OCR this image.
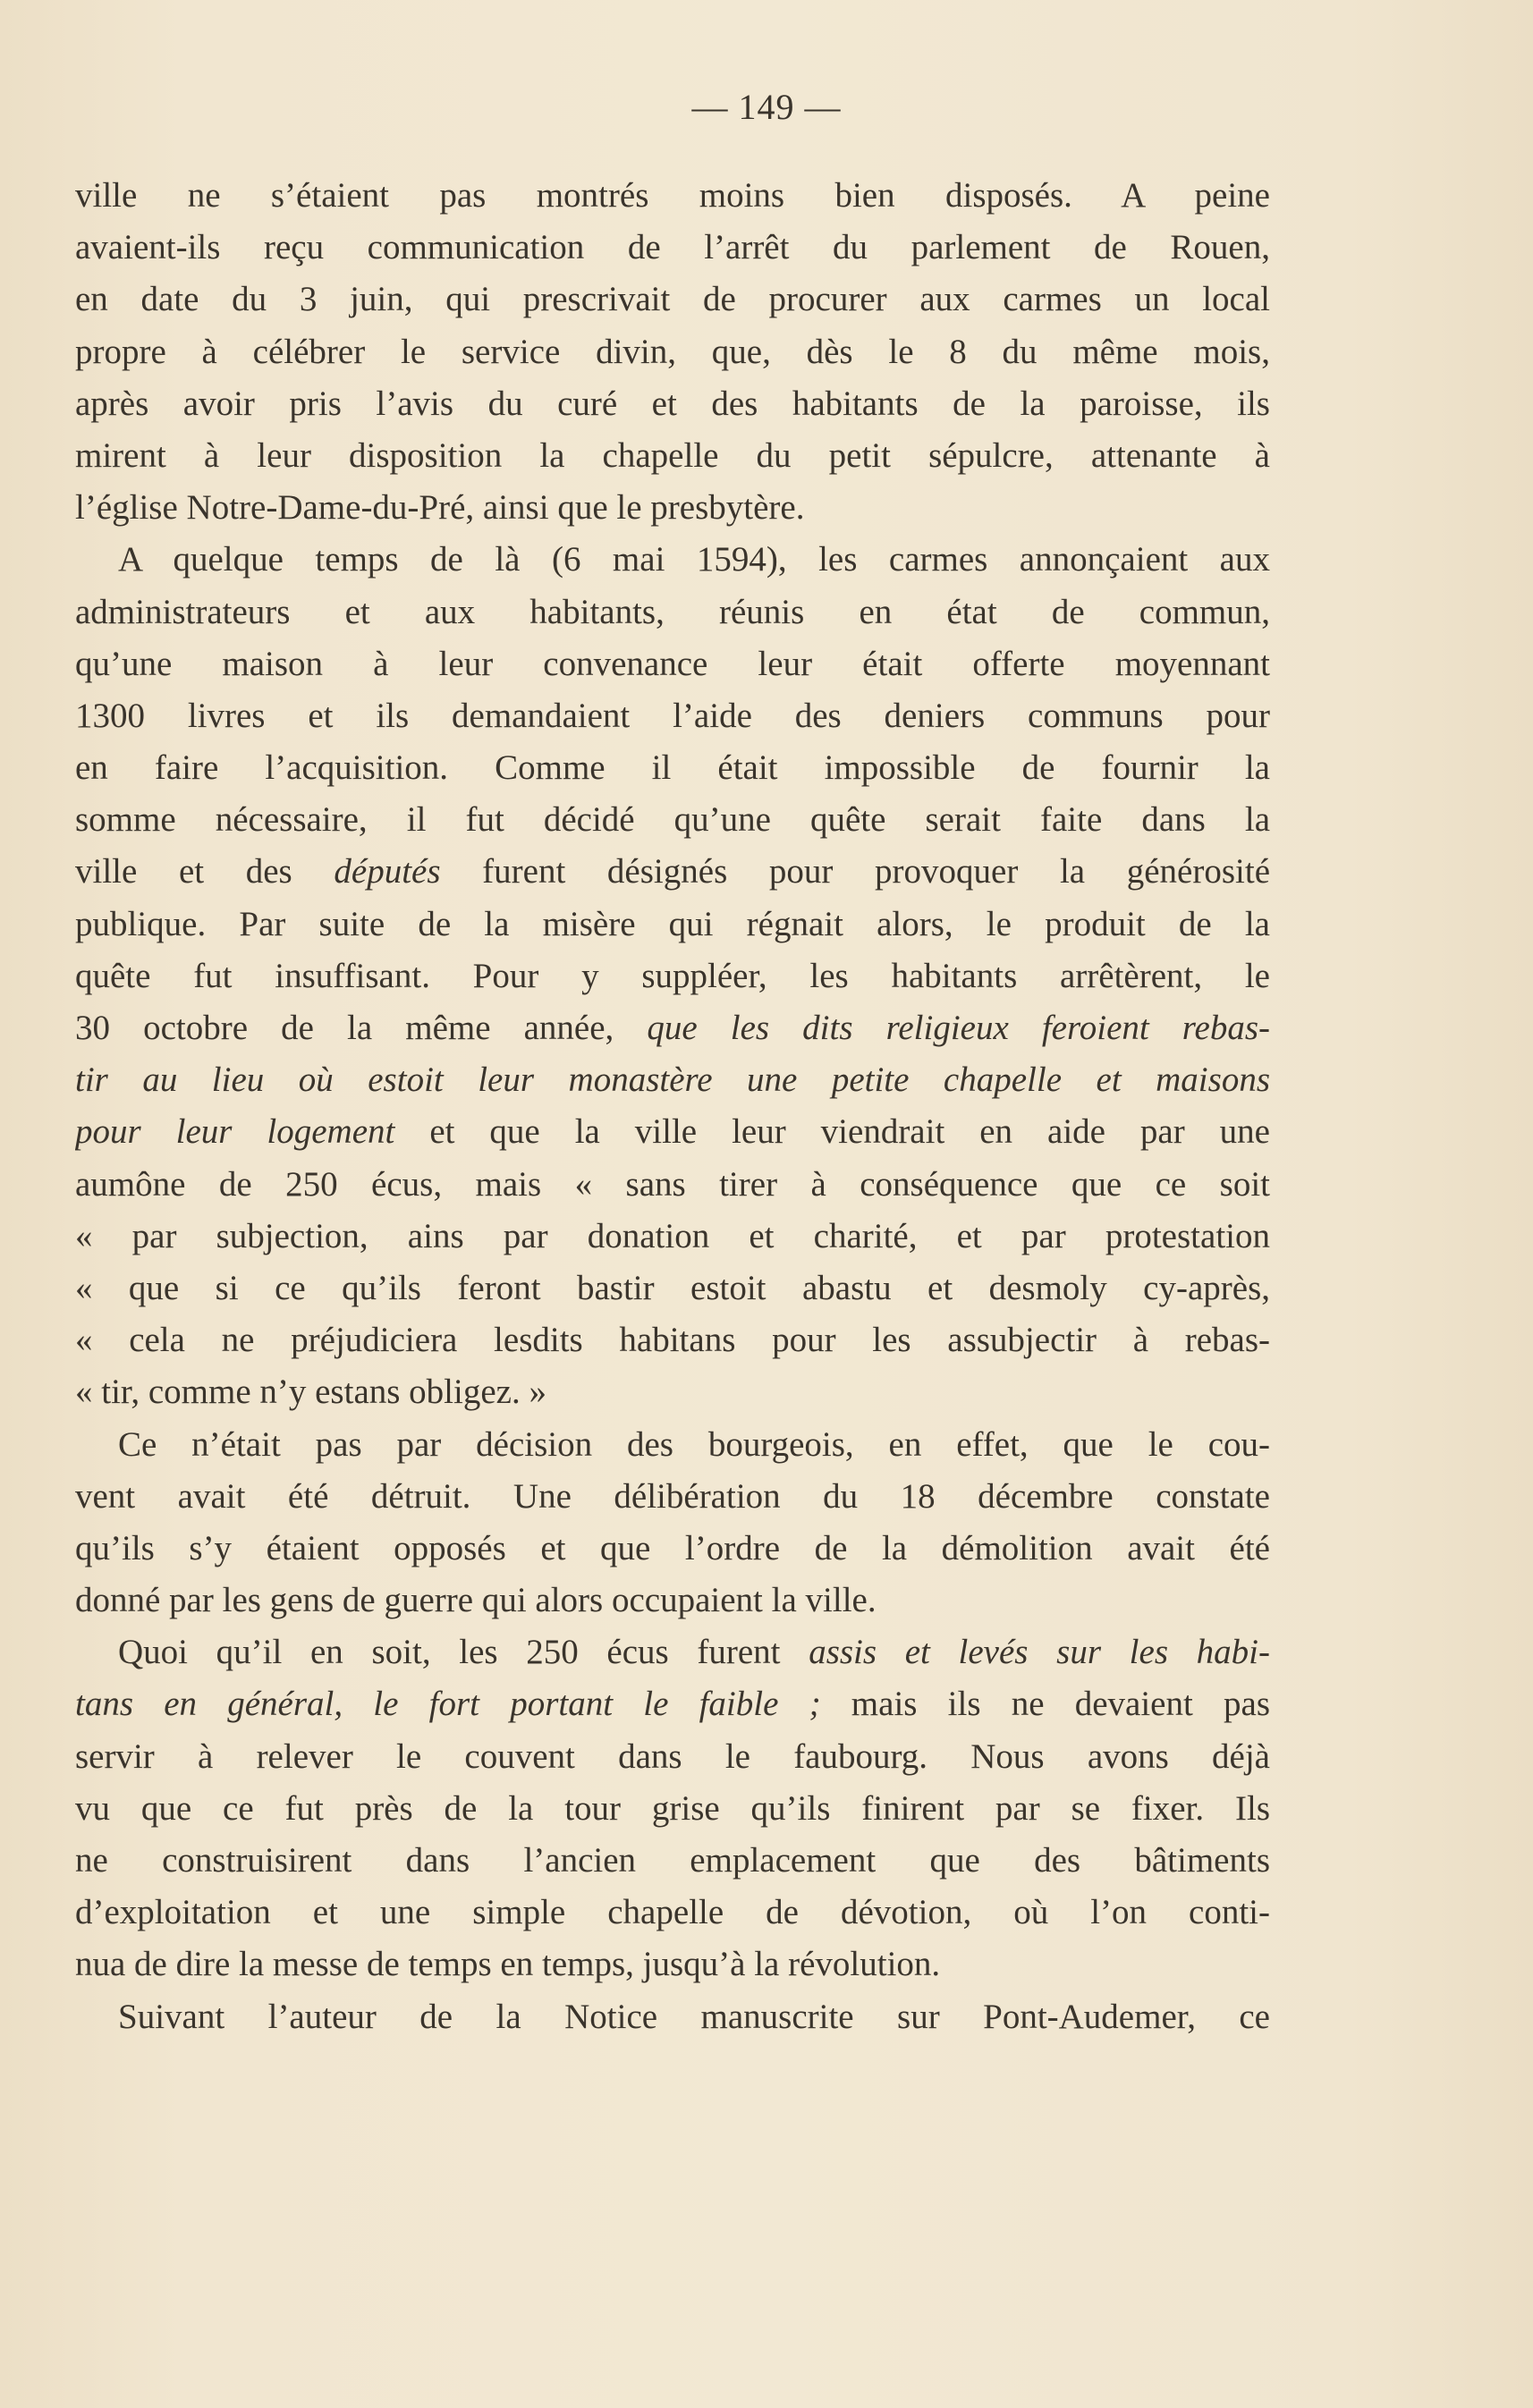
— 149 —
ville ne s’étaient pas montrés moins bien disposés. A peine
avaient-ils reçu communication de l’arrêt du parlement de Rouen,
en date du 3 juin, qui prescrivait de procurer aux carmes un local
propre à célébrer le service divin, que, dès le 8 du même mois,
après avoir pris l’avis du curé et des habitants de la paroisse, ils
mirent à leur disposition la chapelle du petit sépulcre, attenante à
l’église Notre-Dame-du-Pré, ainsi que le presbytère.
A quelque temps de là (6 mai 1594), les carmes annonçaient aux
administrateurs et aux habitants, réunis en état de commun,
qu’une maison à leur convenance leur était offerte moyennant
1300 livres et ils demandaient l’aide des deniers communs pour
en faire l’acquisition. Comme il était impossible de fournir la
somme nécessaire, il fut décidé qu’une quête serait faite dans la
ville et des députés furent désignés pour provoquer la générosité
publique. Par suite de la misère qui régnait alors, le produit de la
quête fut insuffisant. Pour y suppléer, les habitants arrêtèrent, le
30 octobre de la même année, que les dits religieux feroient rebas-
tir au lieu où estoit leur monastère une petite chapelle et maisons
pour leur logement et que la ville leur viendrait en aide par une
aumône de 250 écus, mais « sans tirer à conséquence que ce soit
« par subjection, ains par donation et charité, et par protestation
« que si ce qu’ils feront bastir estoit abastu et desmoly cy-après,
« cela ne préjudiciera lesdits habitans pour les assubjectir à rebas-
« tir, comme n’y estans obligez. »
Ce n’était pas par décision des bourgeois, en effet, que le cou-
vent avait été détruit. Une délibération du 18 décembre constate
qu’ils s’y étaient opposés et que l’ordre de la démolition avait été
donné par les gens de guerre qui alors occupaient la ville.
Quoi qu’il en soit, les 250 écus furent assis et levés sur les habi-
tans en général, le fort portant le faible ; mais ils ne devaient pas
servir à relever le couvent dans le faubourg. Nous avons déjà
vu que ce fut près de la tour grise qu’ils finirent par se fixer. Ils
ne construisirent dans l’ancien emplacement que des bâtiments
d’exploitation et une simple chapelle de dévotion, où l’on conti-
nua de dire la messe de temps en temps, jusqu’à la révolution.
Suivant l’auteur de la Notice manuscrite sur Pont-Audemer, ce
